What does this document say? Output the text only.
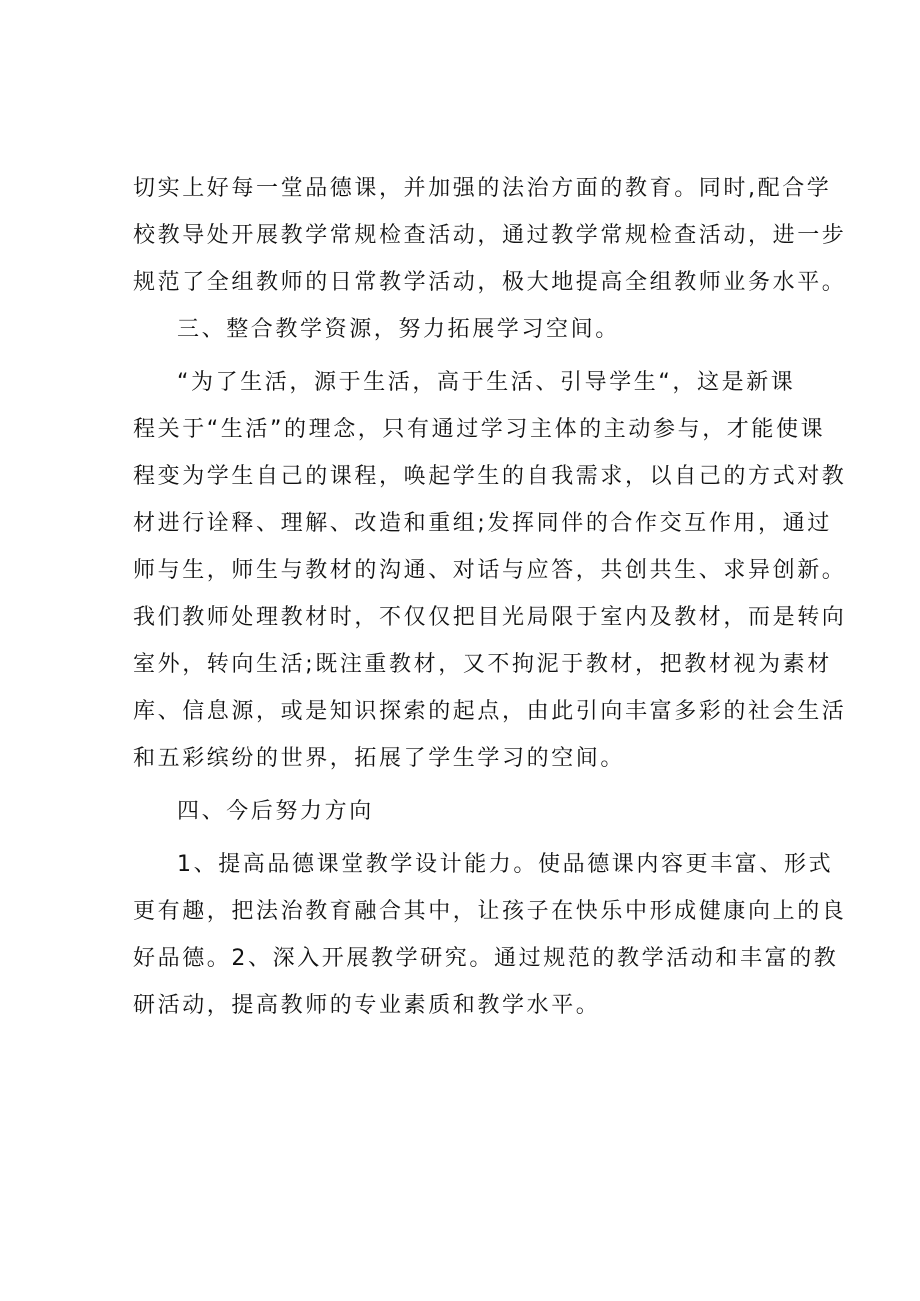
切实上好每一堂品德课，并加强的法治方面的教育。同时,配合学

校教导处开展教学常规检查活动，通过教学常规检查活动，进一步

规范了全组教师的日常教学活动，极大地提高全组教师业务水平。

三、整合教学资源，努力拓展学习空间。

“为了生活，源于生活，高于生活、引导学生“，这是新课

程关于“生活”的理念，只有通过学习主体的主动参与，才能使课

程变为学生自己的课程，唤起学生的自我需求，以自己的方式对教

材进行诠释、理解、改造和重组;发挥同伴的合作交互作用，通过

师与生，师生与教材的沟通、对话与应答，共创共生、求异创新。

我们教师处理教材时，不仅仅把目光局限于室内及教材，而是转向

室外，转向生活;既注重教材，又不拘泥于教材，把教材视为素材

库、信息源，或是知识探索的起点，由此引向丰富多彩的社会生活

和五彩缤纷的世界，拓展了学生学习的空间。

四、今后努力方向

1、提高品德课堂教学设计能力。使品德课内容更丰富、形式

更有趣，把法治教育融合其中，让孩子在快乐中形成健康向上的良

好品德。2、深入开展教学研究。通过规范的教学活动和丰富的教

研活动，提高教师的专业素质和教学水平。
